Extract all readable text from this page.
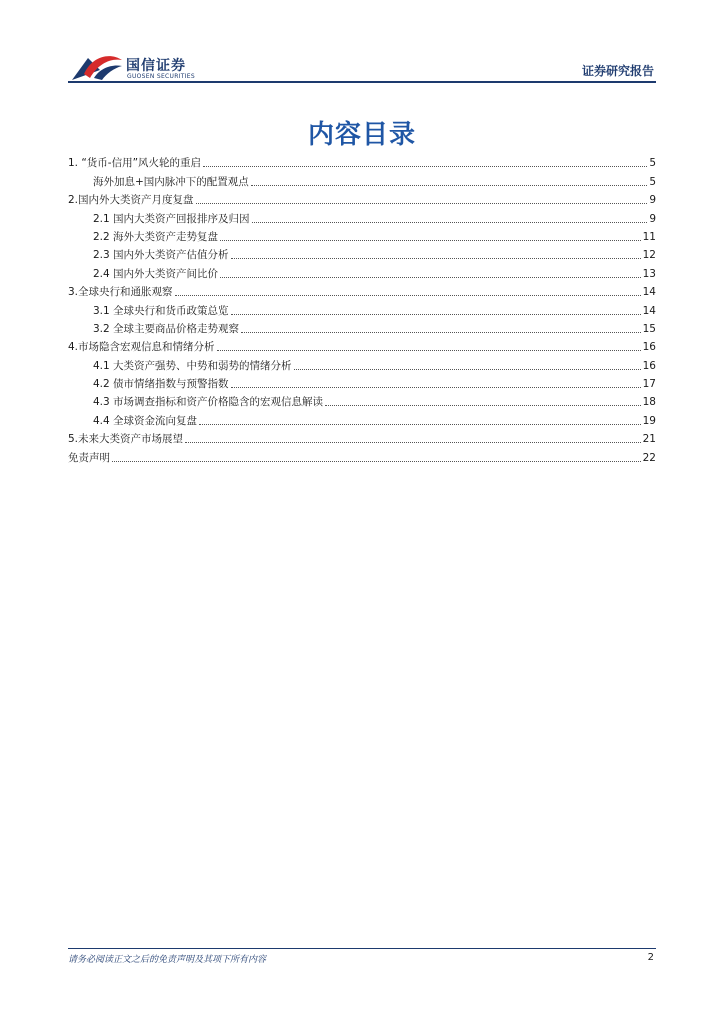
国信证券
GUOSEN SECURITIES	证券研究报告
内容目录
1. “货币-信用”风火轮的重启	5
海外加息+国内脉冲下的配置观点	5
2.国内外大类资产月度复盘	9
2.1 国内大类资产回报排序及归因	9
2.2 海外大类资产走势复盘	11
2.3 国内外大类资产估值分析	12
2.4 国内外大类资产间比价	13
3.全球央行和通胀观察	14
3.1 全球央行和货币政策总览	14
3.2 全球主要商品价格走势观察	15
4.市场隐含宏观信息和情绪分析	16
4.1 大类资产强势、中势和弱势的情绪分析	16
4.2 债市情绪指数与预警指数	17
4.3 市场调查指标和资产价格隐含的宏观信息解读	18
4.4 全球资金流向复盘	19
5.未来大类资产市场展望	21
免责声明	22
请务必阅读正文之后的免责声明及其项下所有内容	2
